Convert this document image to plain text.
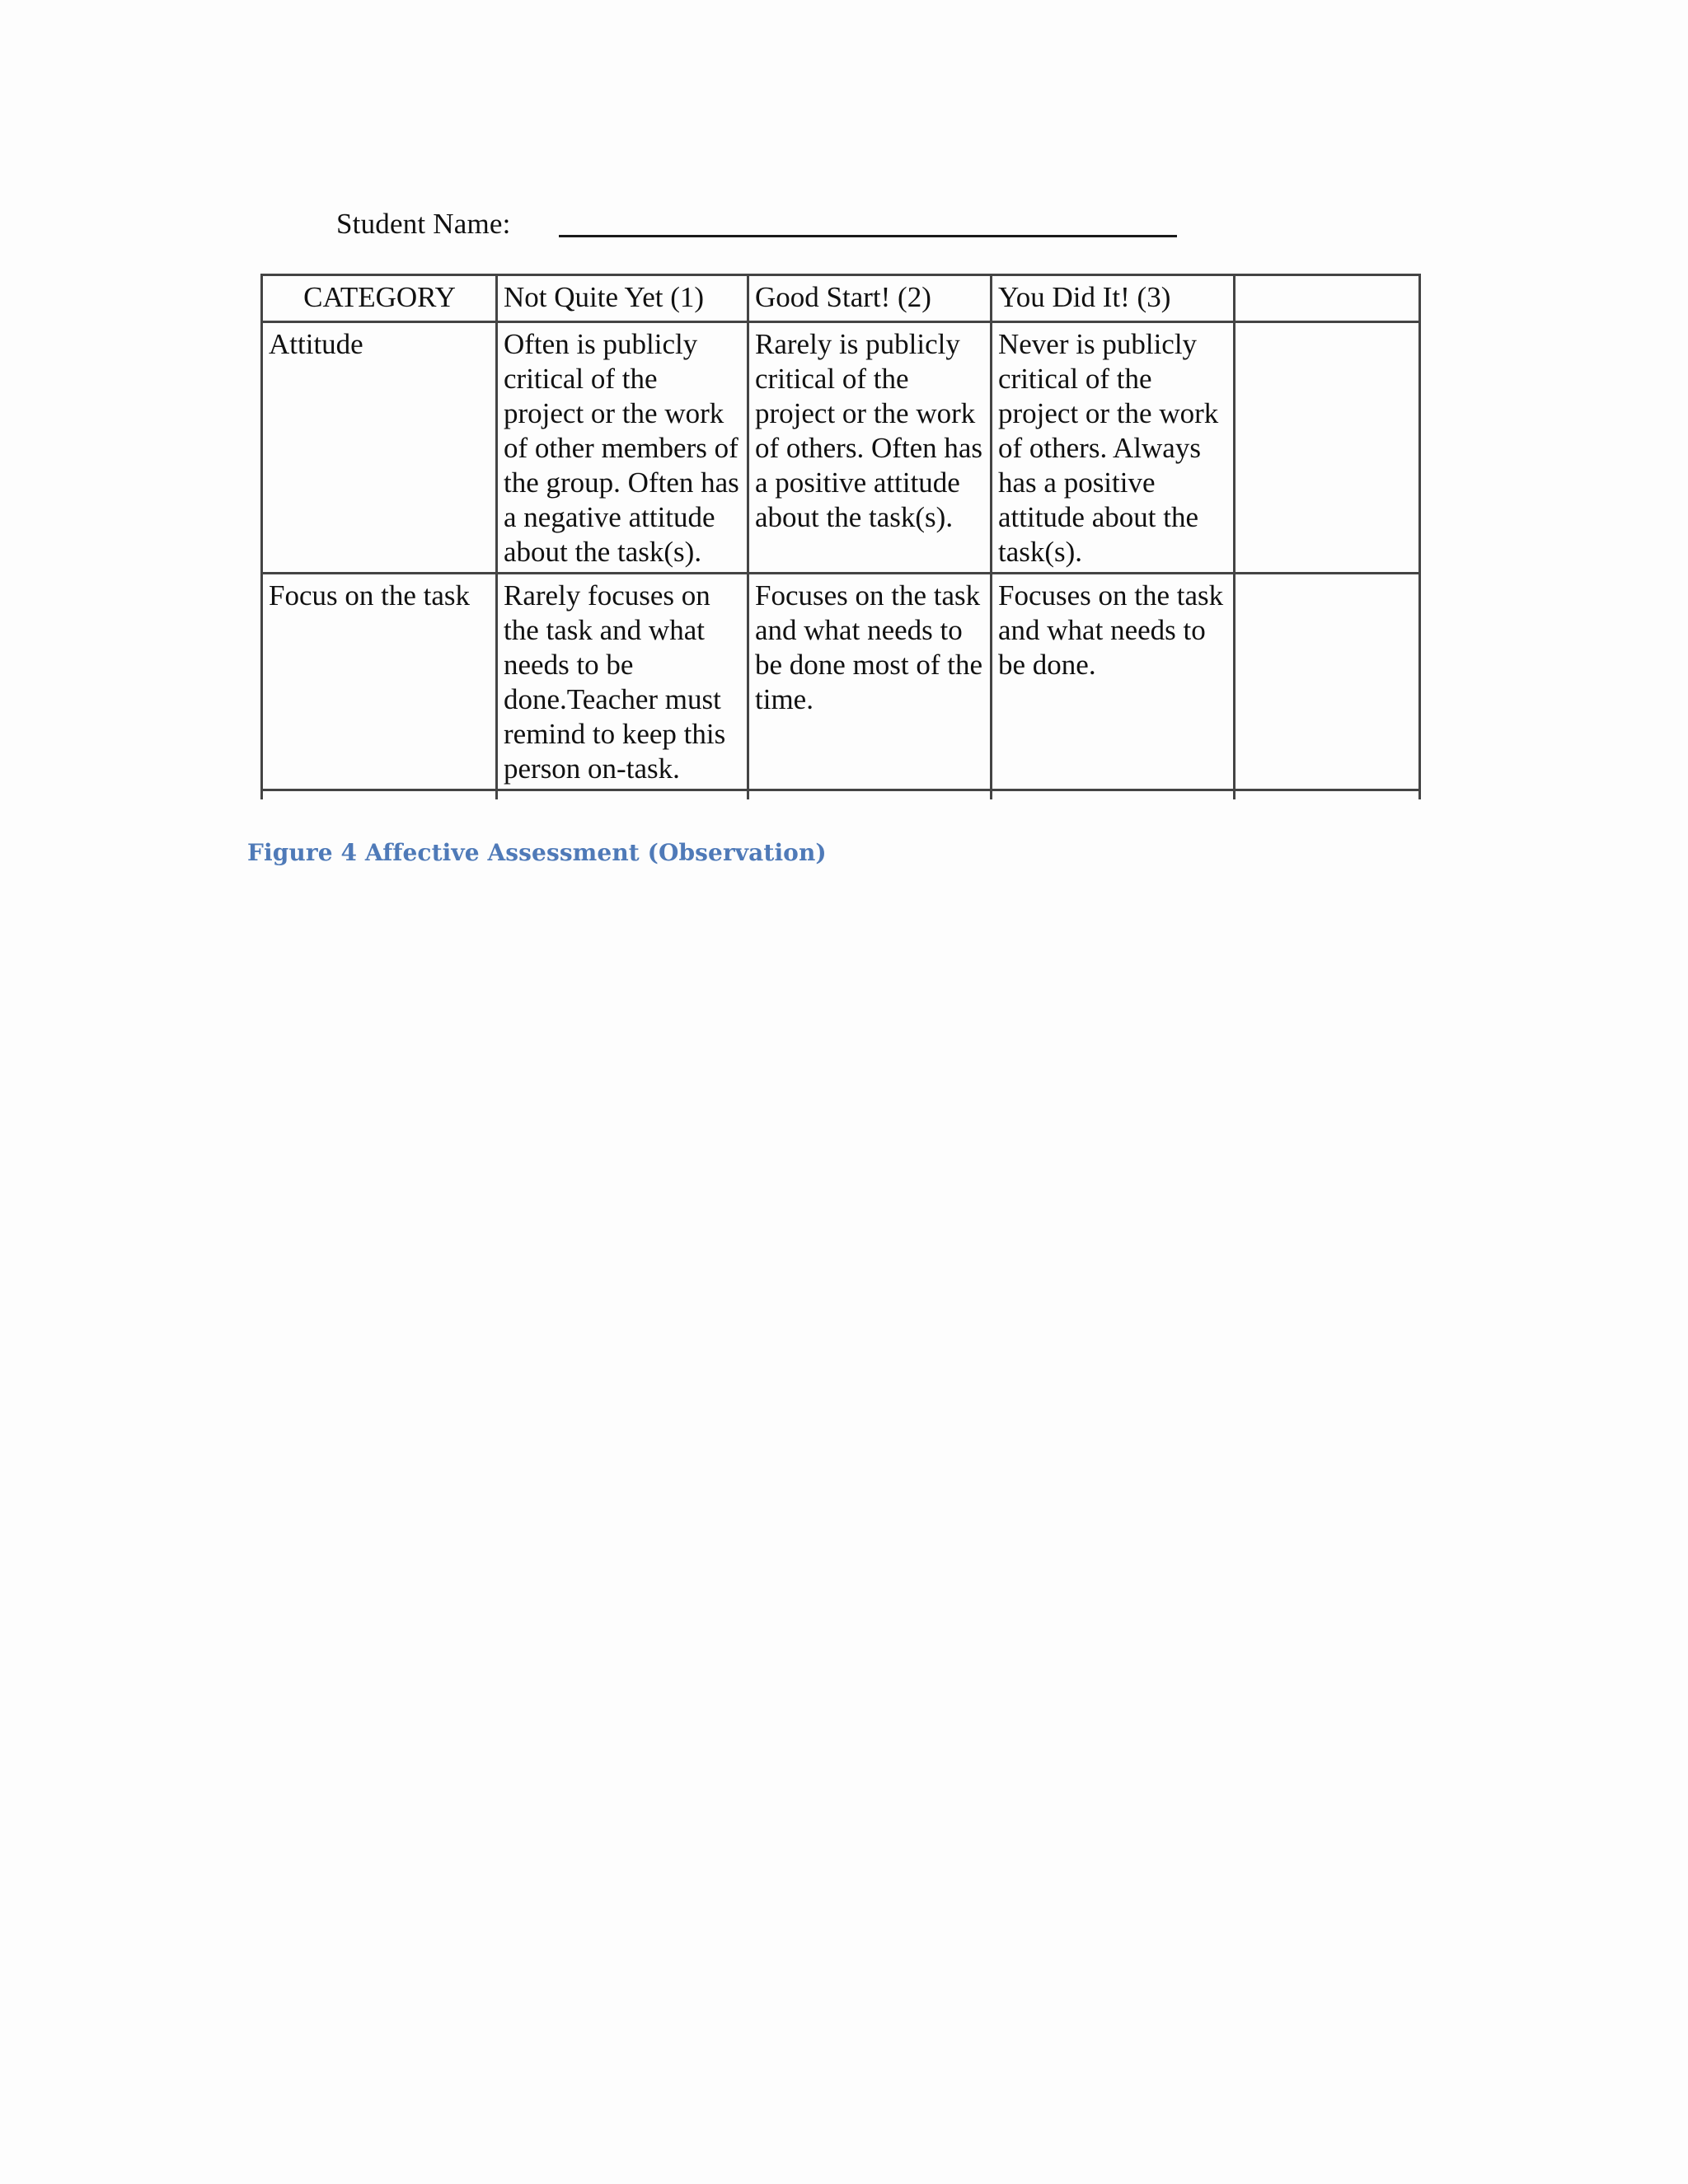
Student Name:
CATEGORY	Not Quite Yet (1)	Good Start! (2)	You Did It! (3)	
Attitude	Often is publicly critical of the project or the work of other members of the group. Often has a negative attitude about the task(s).	Rarely is publicly critical of the project or the work of others. Often has a positive attitude about the task(s).	Never is publicly critical of the project or the work of others. Always has a positive attitude about the task(s).	
Focus on the task	Rarely focuses on the task and what needs to be done.Teacher must remind to keep this person on-task.	Focuses on the task and what needs to be done most of the time.	Focuses on the task and what needs to be done.	

Figure 4 Affective Assessment (Observation)
